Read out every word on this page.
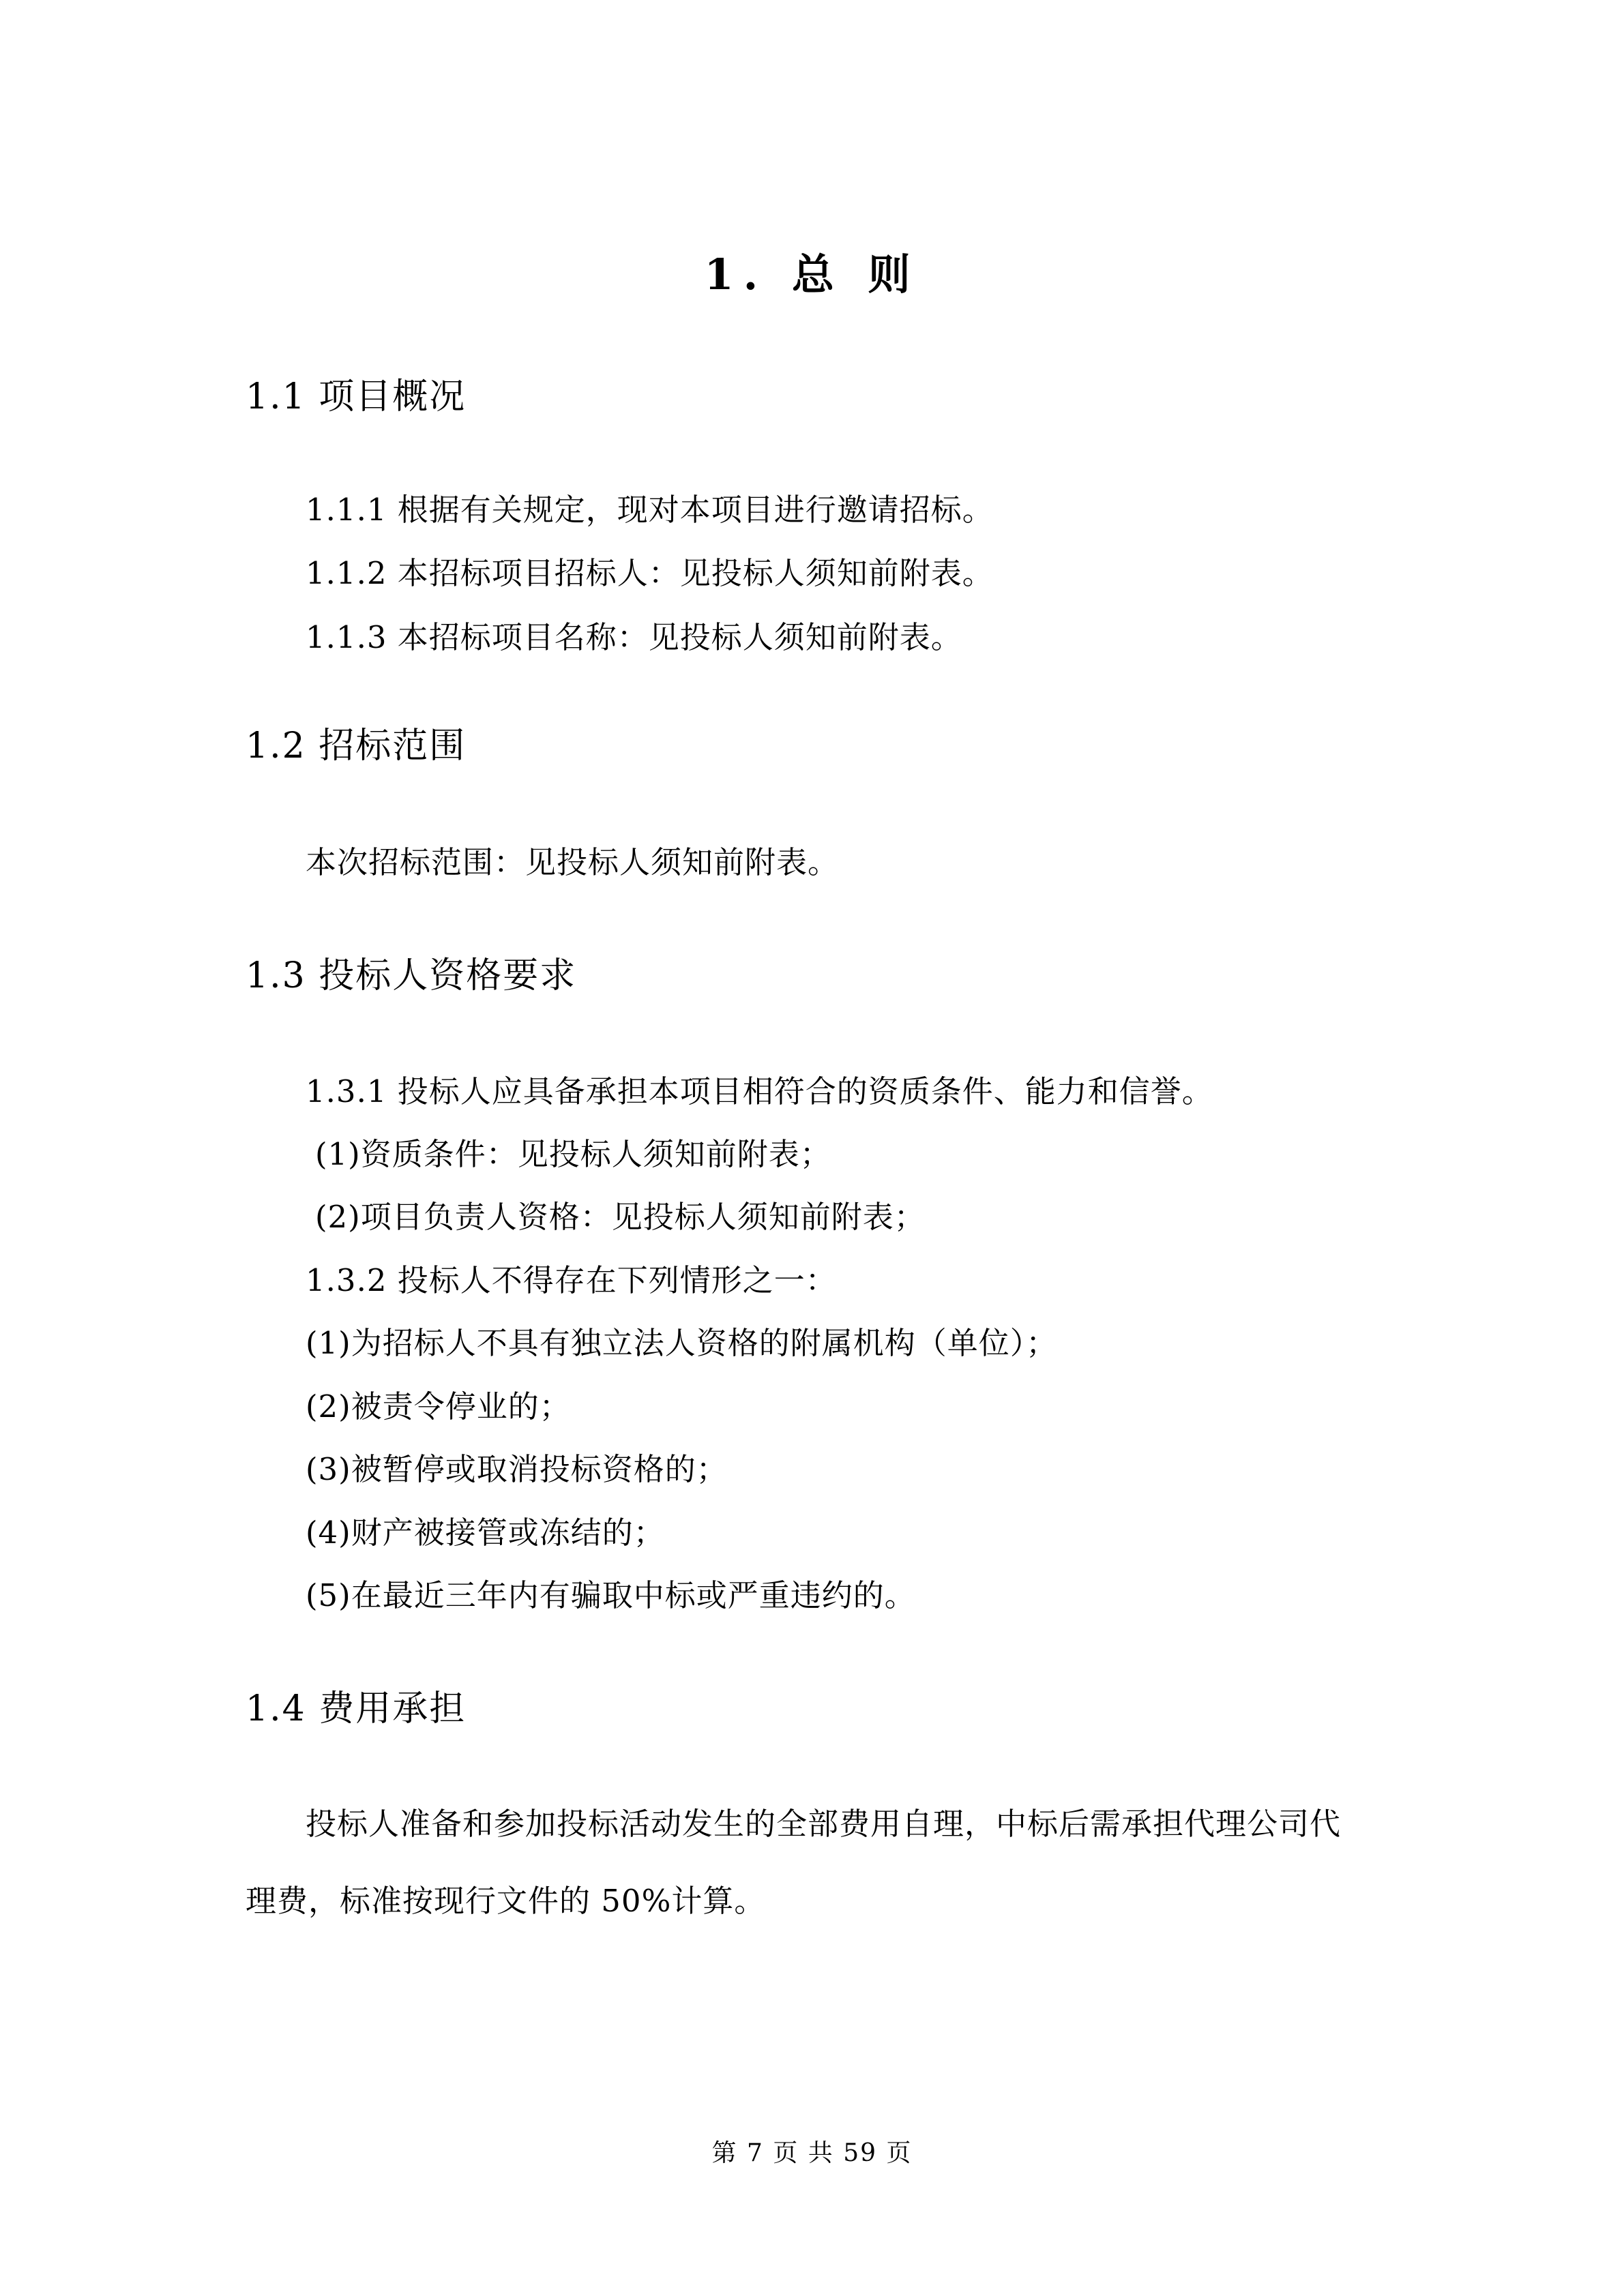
1. 总 则
1.1 项目概况
1.1.1 根据有关规定，现对本项目进行邀请招标。
1.1.2 本招标项目招标人：见投标人须知前附表。
1.1.3 本招标项目名称：见投标人须知前附表。
1.2 招标范围
本次招标范围：见投标人须知前附表。
1.3 投标人资格要求
1.3.1 投标人应具备承担本项目相符合的资质条件、能力和信誉。
(1)资质条件：见投标人须知前附表；
(2)项目负责人资格：见投标人须知前附表；
1.3.2 投标人不得存在下列情形之一：
(1)为招标人不具有独立法人资格的附属机构（单位）；
(2)被责令停业的；
(3)被暂停或取消投标资格的；
(4)财产被接管或冻结的；
(5)在最近三年内有骗取中标或严重违约的。
1.4 费用承担
投标人准备和参加投标活动发生的全部费用自理，中标后需承担代理公司代
理费，标准按现行文件的 50%计算。
第 7 页 共 59 页
